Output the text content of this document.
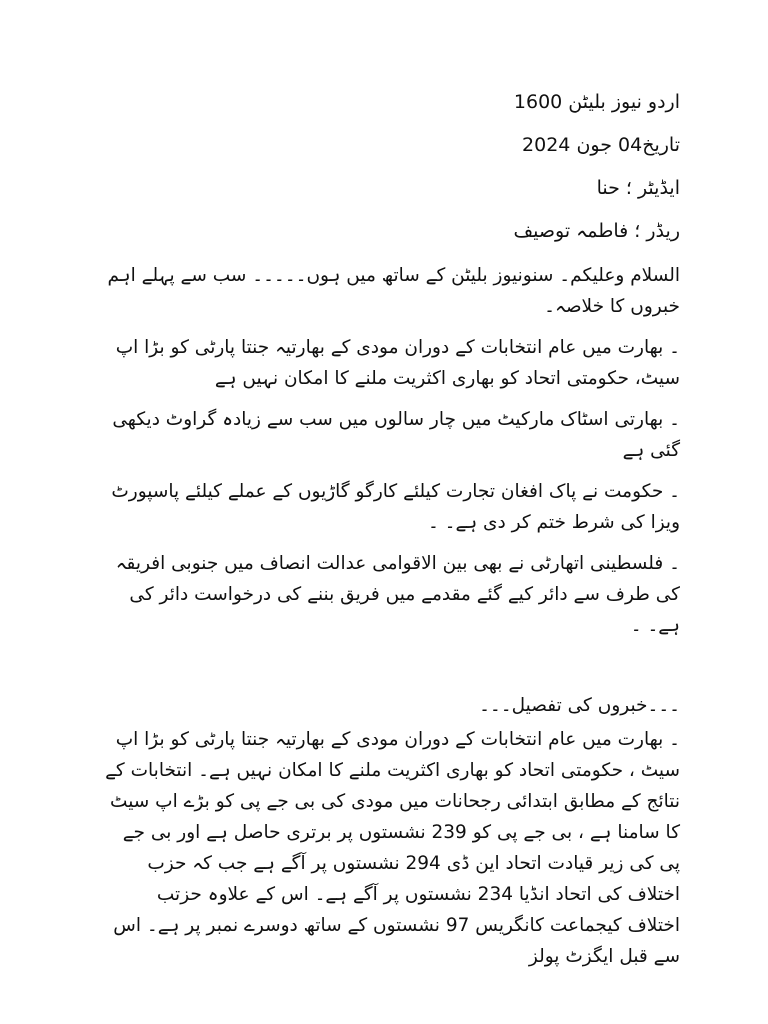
اردو نیوز بلیٹن 1600
تاریخ04 جون 2024
ایڈیٹر ؛ حنا
ریڈر ؛ فاطمہ توصیف

السلام وعلیکم۔ سنونیوز بلیٹن کے ساتھ میں ہوں۔۔۔۔۔ سب سے پہلے اہم خبروں کا خلاصہ۔

۔ بھارت میں عام انتخابات کے دوران مودی کے بھارتیہ جنتا پارٹی کو بڑا اپ سیٹ، حکومتی اتحاد کو بھاری اکثریت ملنے کا امکان نہیں ہے

۔ بھارتی اسٹاک مارکیٹ میں چار سالوں میں سب سے زیادہ گراوٹ دیکھی گئی ہے

۔ حکومت نے پاک افغان تجارت کیلئے کارگو گاڑیوں کے عملے کیلئے پاسپورٹ ویزا کی شرط ختم کر دی ہے۔ ۔

۔ فلسطینی اتھارٹی نے بھی بین الاقوامی عدالت انصاف میں جنوبی افریقہ کی طرف سے دائر کیے گئے مقدمے میں فریق بننے کی درخواست دائر کی ہے۔ ۔

۔۔۔خبروں کی تفصیل۔۔۔

۔ بھارت میں عام انتخابات کے دوران مودی کے بھارتیہ جنتا پارٹی کو بڑا اپ سیٹ ، حکومتی اتحاد کو بھاری اکثریت ملنے کا امکان نہیں ہے۔ انتخابات کے نتائج کے مطابق ابتدائی رجحانات میں مودی کی بی جے پی کو بڑے اپ سیٹ کا سامنا ہے ، بی جے پی کو 239 نشستوں پر برتری حاصل ہے اور بی جے پی کی زیر قیادت اتحاد این ڈی 294 نشستوں پر آگے ہے جب کہ حزب اختلاف کی اتحاد انڈیا 234 نشستوں پر آگے ہے۔ اس کے علاوہ حزتب اختلاف کیجماعت کانگریس 97 نشستوں کے ساتھ دوسرے نمبر پر ہے۔ اس سے قبل ایگزٹ پولز
